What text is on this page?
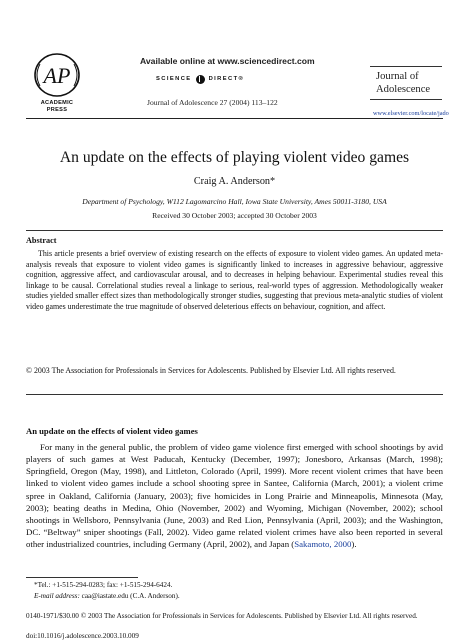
AP
ACADEMIC
PRESS
Available online at www.sciencedirect.com
SCIENCE	DIRECT®
Journal of Adolescence 27 (2004) 113–122
Journal of
Adolescence
www.elsevier.com/locate/jado
An update on the effects of playing violent video games
Craig A. Anderson*
Department of Psychology, W112 Lagomarcino Hall, Iowa State University, Ames 50011-3180, USA
Received 30 October 2003; accepted 30 October 2003
Abstract
This article presents a brief overview of existing research on the effects of exposure to violent video games. An updated meta-analysis reveals that exposure to violent video games is significantly linked to increases in aggressive behaviour, aggressive cognition, aggressive affect, and cardiovascular arousal, and to decreases in helping behaviour. Experimental studies reveal this linkage to be causal. Correlational studies reveal a linkage to serious, real-world types of aggression. Methodologically weaker studies yielded smaller effect sizes than methodologically stronger studies, suggesting that previous meta-analytic studies of violent video games underestimate the true magnitude of observed deleterious effects on behaviour, cognition, and affect.
© 2003 The Association for Professionals in Services for Adolescents. Published by Elsevier Ltd. All rights reserved.
An update on the effects of violent video games
For many in the general public, the problem of video game violence first emerged with school shootings by avid players of such games at West Paducah, Kentucky (December, 1997); Jonesboro, Arkansas (March, 1998); Springfield, Oregon (May, 1998), and Littleton, Colorado (April, 1999). More recent violent crimes that have been linked to violent video games include a school shooting spree in Santee, California (March, 2001); a violent crime spree in Oakland, California (January, 2003); five homicides in Long Prairie and Minneapolis, Minnesota (May, 2003); beating deaths in Medina, Ohio (November, 2002) and Wyoming, Michigan (November, 2002); school shootings in Wellsboro, Pennsylvania (June, 2003) and Red Lion, Pennsylvania (April, 2003); and the Washington, DC. “Beltway” sniper shootings (Fall, 2002). Video game related violent crimes have also been reported in several other industrialized countries, including Germany (April, 2002), and Japan (Sakamoto, 2000).
*Tel.: +1-515-294-0283; fax: +1-515-294-6424.
E-mail address: caa@iastate.edu (C.A. Anderson).
0140-1971/$30.00 © 2003 The Association for Professionals in Services for Adolescents. Published by Elsevier Ltd. All rights reserved.
doi:10.1016/j.adolescence.2003.10.009
